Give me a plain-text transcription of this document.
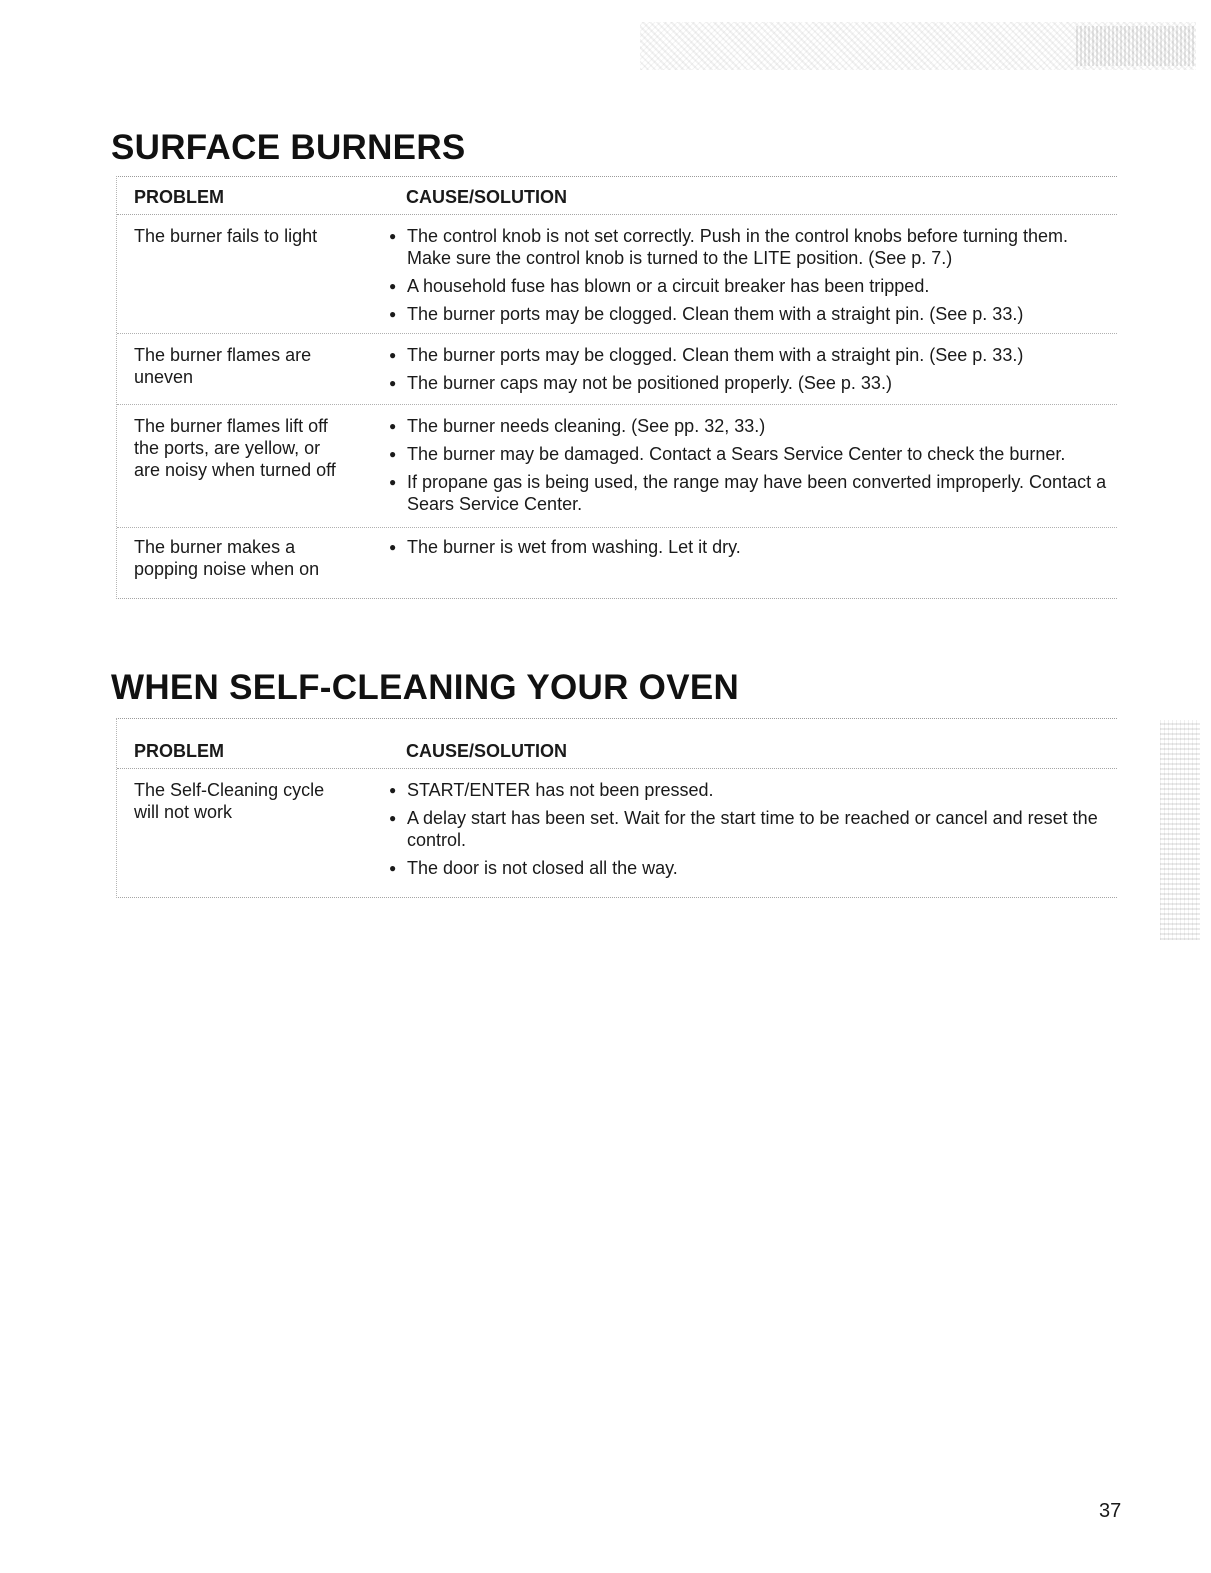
SURFACE BURNERS
PROBLEM	CAUSE/SOLUTION
The burner fails to light
●	The control knob is not set correctly. Push in the control knobs before turning them. Make sure the control knob is turned to the LITE position. (See p. 7.)
● A household fuse has blown or a circuit breaker has been tripped.
● The burner ports may be clogged. Clean them with a straight pin. (See p. 33.)
The burner flames are
uneven
● The burner ports may be clogged. Clean them with a straight pin. (See p. 33.)
● The burner caps may not be positioned properly. (See p. 33.)
The burner flames lift off
the ports, are yellow, or
are noisy when turned off
● The burner needs cleaning. (See pp. 32, 33.)
● The burner may be damaged. Contact a Sears Service Center to check the burner.
● If propane gas is being used, the range may have been converted improperly. Contact a Sears Service Center.
The burner makes a
popping noise when on
● The burner is wet from washing. Let it dry.
WHEN SELF-CLEANING YOUR OVEN
PROBLEM	CAUSE/SOLUTION
The Self-Cleaning cycle
will not work
● START/ENTER has not been pressed.
● A delay start has been set. Wait for the start time to be reached or cancel and reset the control.
● The door is not closed all the way.
37
